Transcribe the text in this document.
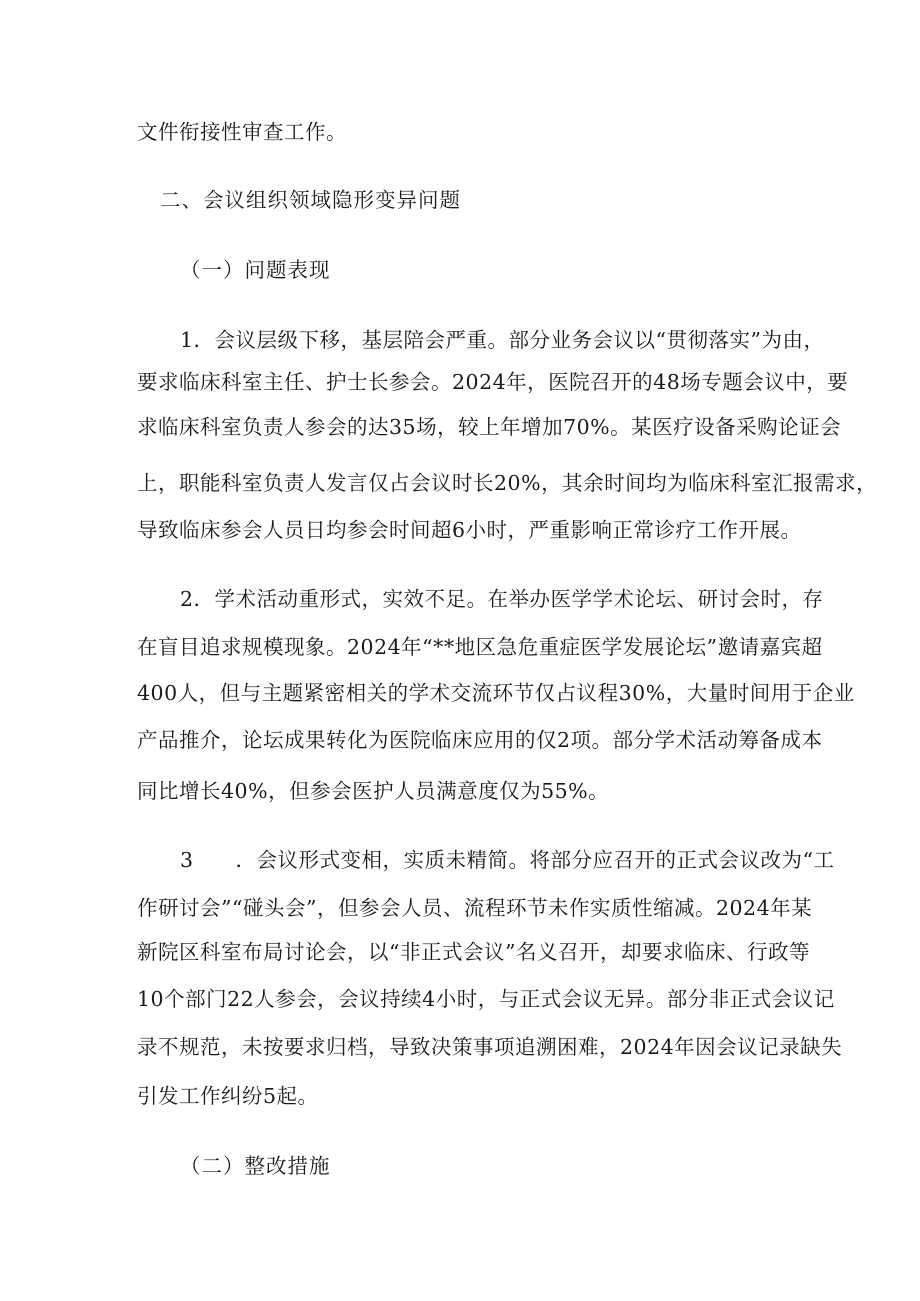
文件衔接性审查工作。
二、会议组织领域隐形变异问题
（一）问题表现
1．会议层级下移，基层陪会严重。部分业务会议以“贯彻落实”为由，
要求临床科室主任、护士长参会。2024年，医院召开的48场专题会议中，要
求临床科室负责人参会的达35场，较上年增加70%。某医疗设备采购论证会
上，职能科室负责人发言仅占会议时长20%，其余时间均为临床科室汇报需求，
导致临床参会人员日均参会时间超6小时，严重影响正常诊疗工作开展。
2．学术活动重形式，实效不足。在举办医学学术论坛、研讨会时，存
在盲目追求规模现象。2024年“**地区急危重症医学发展论坛”邀请嘉宾超
400人，但与主题紧密相关的学术交流环节仅占议程30%，大量时间用于企业
产品推介，论坛成果转化为医院临床应用的仅2项。部分学术活动筹备成本
同比增长40%，但参会医护人员满意度仅为55%。
3　　．会议形式变相，实质未精简。将部分应召开的正式会议改为“工
作研讨会”“碰头会”，但参会人员、流程环节未作实质性缩减。2024年某
新院区科室布局讨论会，以“非正式会议”名义召开，却要求临床、行政等
10个部门22人参会，会议持续4小时，与正式会议无异。部分非正式会议记
录不规范，未按要求归档，导致决策事项追溯困难，2024年因会议记录缺失
引发工作纠纷5起。
（二）整改措施
